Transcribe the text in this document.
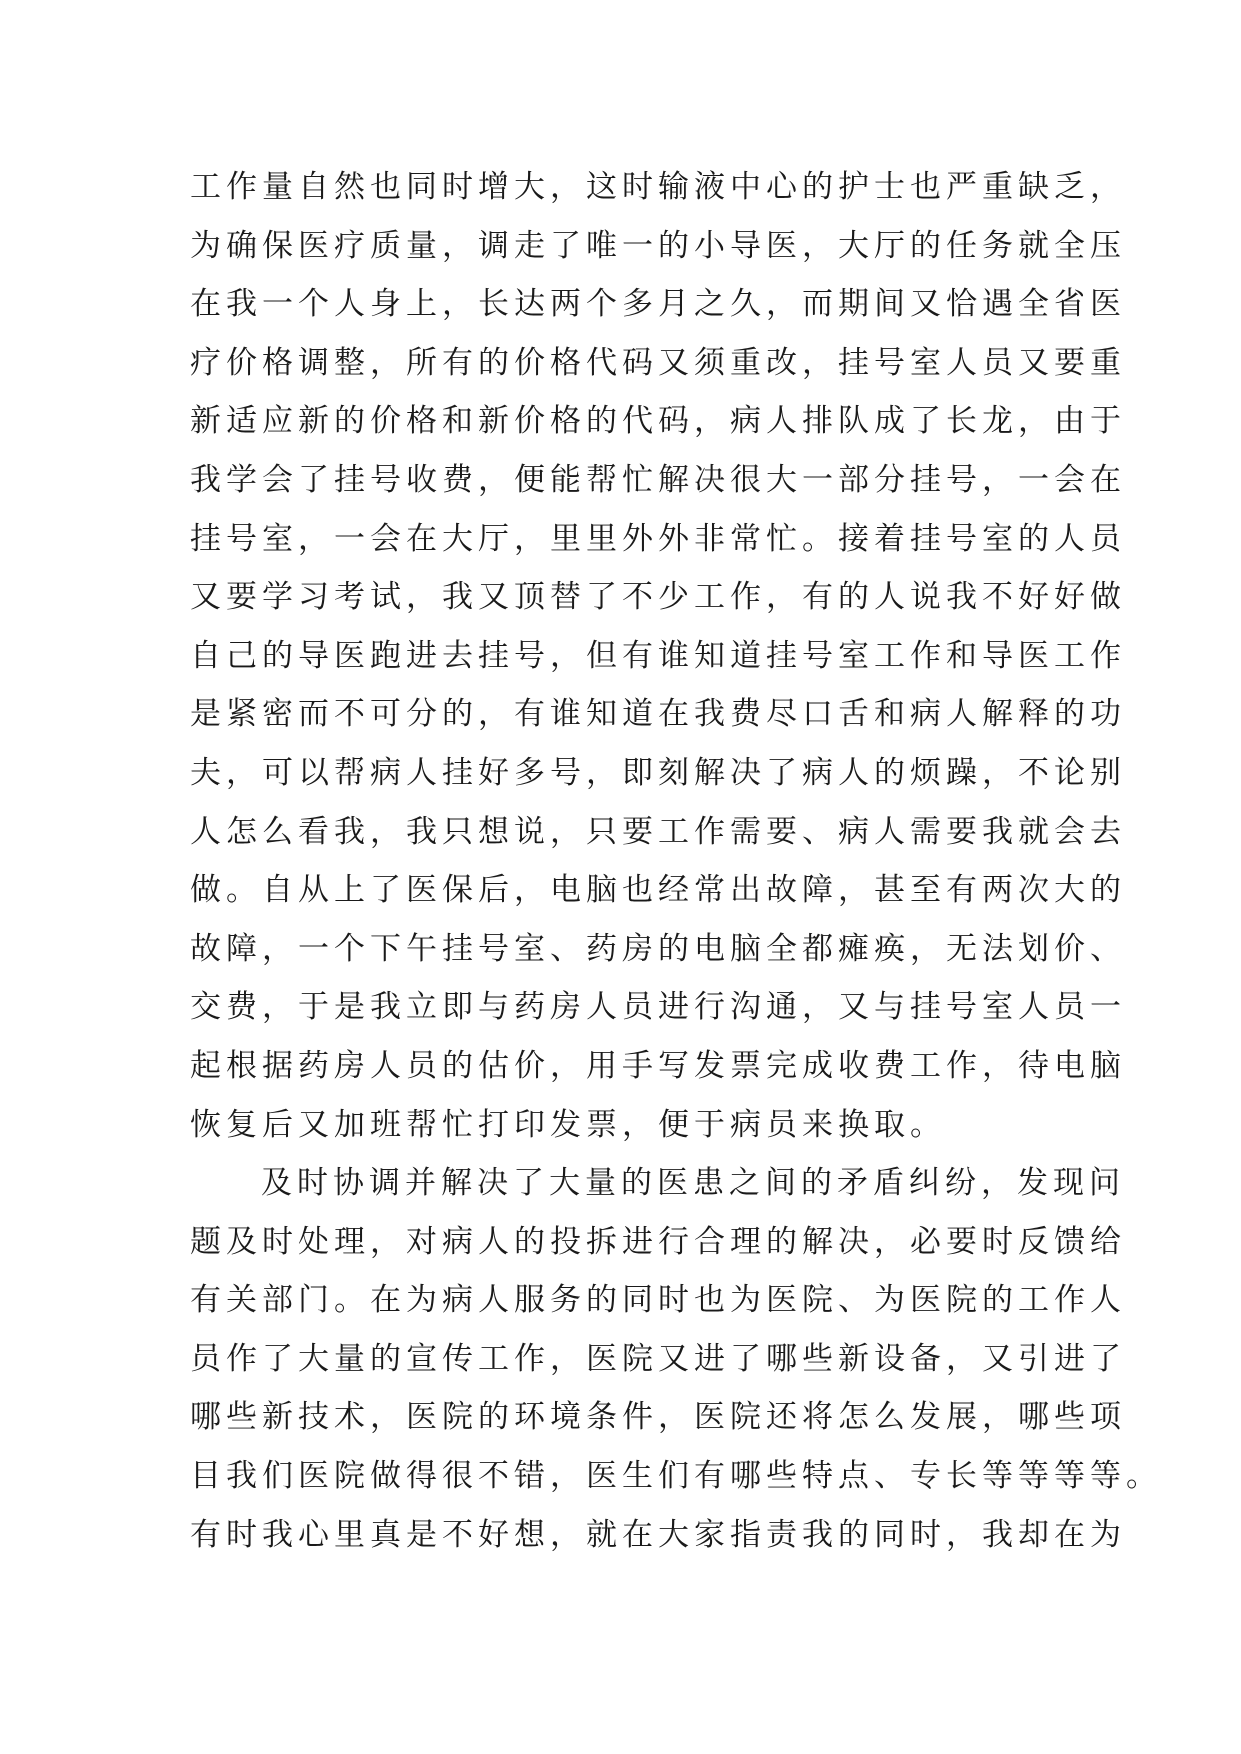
工作量自然也同时增大，这时输液中心的护士也严重缺乏，
为确保医疗质量，调走了唯一的小导医，大厅的任务就全压
在我一个人身上，长达两个多月之久，而期间又恰遇全省医
疗价格调整，所有的价格代码又须重改，挂号室人员又要重
新适应新的价格和新价格的代码，病人排队成了长龙，由于
我学会了挂号收费，便能帮忙解决很大一部分挂号，一会在
挂号室，一会在大厅，里里外外非常忙。接着挂号室的人员
又要学习考试，我又顶替了不少工作，有的人说我不好好做
自己的导医跑进去挂号，但有谁知道挂号室工作和导医工作
是紧密而不可分的，有谁知道在我费尽口舌和病人解释的功
夫，可以帮病人挂好多号，即刻解决了病人的烦躁，不论别
人怎么看我，我只想说，只要工作需要、病人需要我就会去
做。自从上了医保后，电脑也经常出故障，甚至有两次大的
故障，一个下午挂号室、药房的电脑全都瘫痪，无法划价、
交费，于是我立即与药房人员进行沟通，又与挂号室人员一
起根据药房人员的估价，用手写发票完成收费工作，待电脑
恢复后又加班帮忙打印发票，便于病员来换取。
及时协调并解决了大量的医患之间的矛盾纠纷，发现问
题及时处理，对病人的投拆进行合理的解决，必要时反馈给
有关部门。在为病人服务的同时也为医院、为医院的工作人
员作了大量的宣传工作，医院又进了哪些新设备，又引进了
哪些新技术，医院的环境条件，医院还将怎么发展，哪些项
目我们医院做得很不错，医生们有哪些特点、专长等等等等。
有时我心里真是不好想，就在大家指责我的同时，我却在为
